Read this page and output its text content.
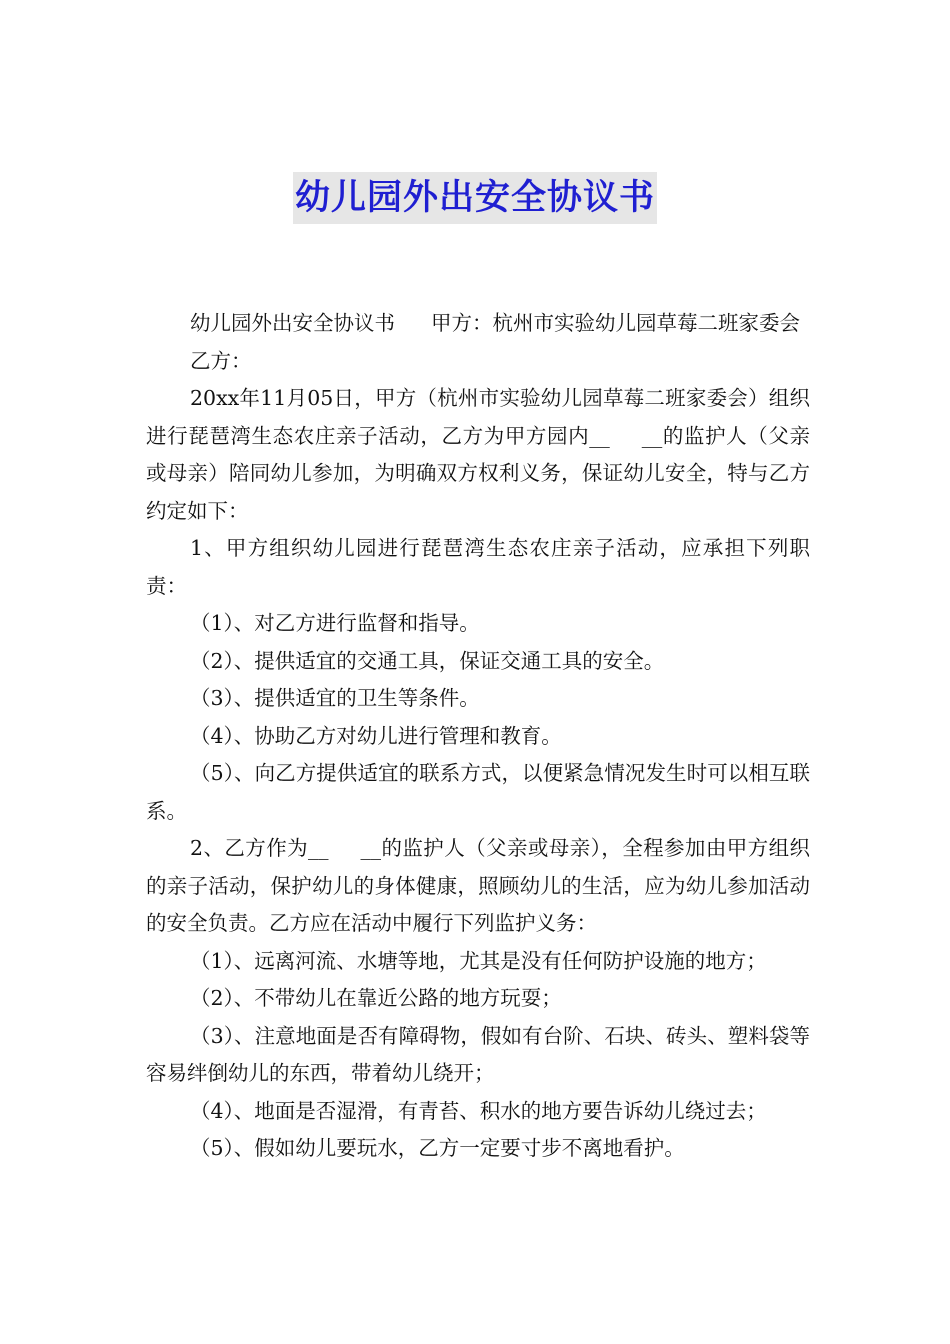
幼儿园外出安全协议书

幼儿园外出安全协议书 甲方：杭州市实验幼儿园草莓二班家委会

乙方：

20xx年11月05日，甲方（杭州市实验幼儿园草莓二班家委会）组织进行琵琶湾生态农庄亲子活动，乙方为甲方园内__ __的监护人（父亲或母亲）陪同幼儿参加，为明确双方权利义务，保证幼儿安全，特与乙方约定如下：

1、甲方组织幼儿园进行琵琶湾生态农庄亲子活动，应承担下列职责：

（1）、对乙方进行监督和指导。

（2）、提供适宜的交通工具，保证交通工具的安全。

（3）、提供适宜的卫生等条件。

（4）、协助乙方对幼儿进行管理和教育。

（5）、向乙方提供适宜的联系方式，以便紧急情况发生时可以相互联系。

2、乙方作为__ __的监护人（父亲或母亲），全程参加由甲方组织的亲子活动，保护幼儿的身体健康，照顾幼儿的生活，应为幼儿参加活动的安全负责。乙方应在活动中履行下列监护义务：

（1）、远离河流、水塘等地，尤其是没有任何防护设施的地方；

（2）、不带幼儿在靠近公路的地方玩耍；

（3）、注意地面是否有障碍物，假如有台阶、石块、砖头、塑料袋等容易绊倒幼儿的东西，带着幼儿绕开；

（4）、地面是否湿滑，有青苔、积水的地方要告诉幼儿绕过去；

（5）、假如幼儿要玩水，乙方一定要寸步不离地看护。
